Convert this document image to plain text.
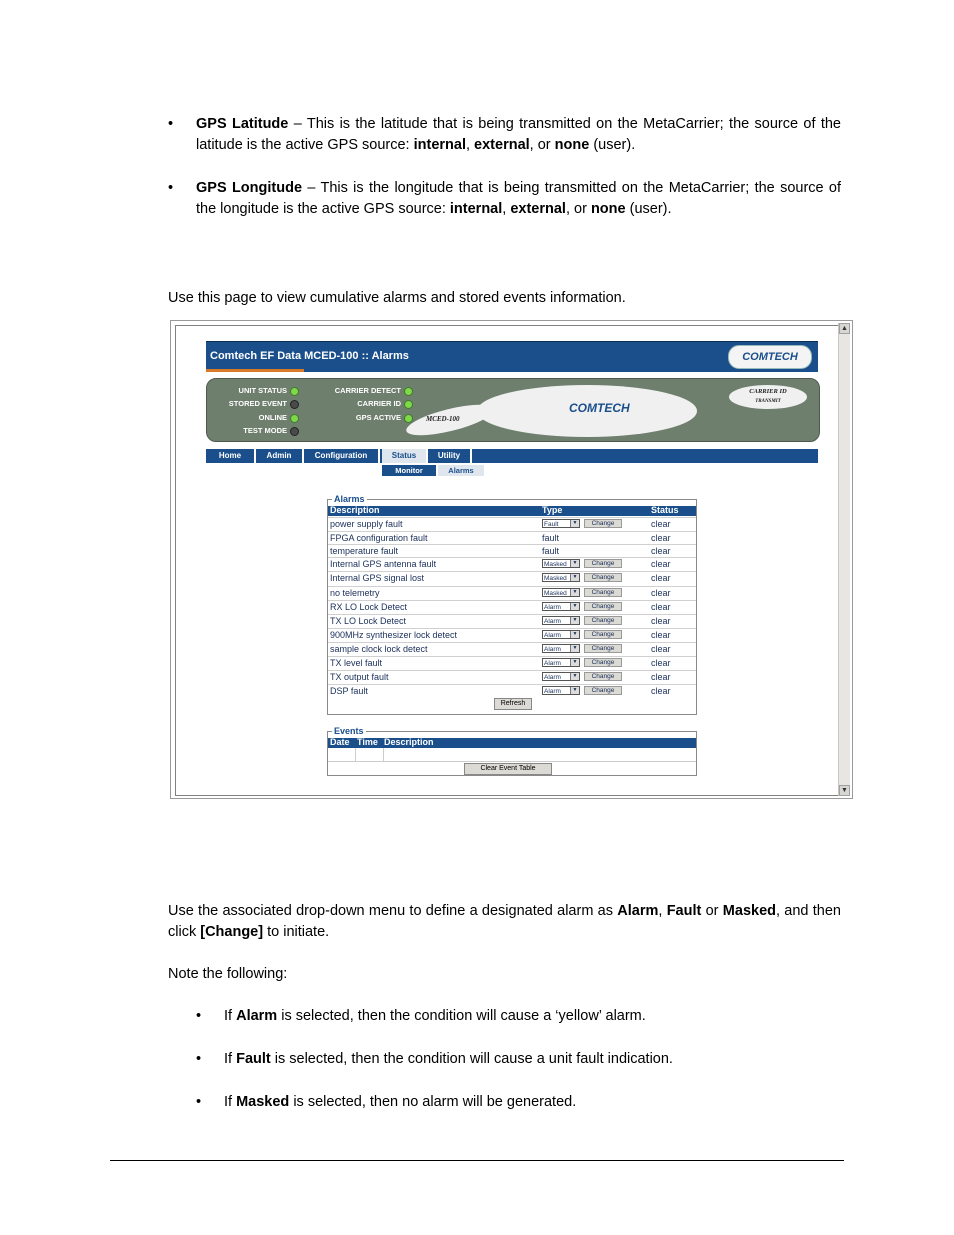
•	GPS Latitude – This is the latitude that is being transmitted on the MetaCarrier; the source of the latitude is the active GPS source: internal, external, or none (user).
•	GPS Longitude – This is the longitude that is being transmitted on the MetaCarrier; the source of the longitude is the active GPS source: internal, external, or none (user).

Use this page to view cumulative alarms and stored events information.

Comtech EF Data MCED-100 :: Alarms	COMTECH
UNIT STATUS
STORED EVENT
ONLINE
TEST MODE
CARRIER DETECT
CARRIER ID
GPS ACTIVE	MCED-100
COMTECH
CARRIER ID
TRANSMIT
Home	Admin	Configuration	Status	Utility
Monitor	Alarms
Alarms
Description	Type	Status
power supply fault	Fault	▼	Change	clear
FPGA configuration fault	fault	clear
temperature fault	fault	clear
Internal GPS antenna fault	Masked	▼	Change	clear
Internal GPS signal lost	Masked	▼	Change	clear
no telemetry	Masked	▼	Change	clear
RX LO Lock Detect	Alarm	▼	Change	clear
TX LO Lock Detect	Alarm	▼	Change	clear
900MHz synthesizer lock detect	Alarm	▼	Change	clear
sample clock lock detect	Alarm	▼	Change	clear
TX level fault	Alarm	▼	Change	clear
TX output fault	Alarm	▼	Change	clear
DSP fault	Alarm	▼	Change	clear
Refresh
Events
Date Time Description
Clear Event Table
▲
▼

Use the associated drop-down menu to define a designated alarm as Alarm, Fault or Masked, and then click [Change] to initiate.

Note the following:

• If Alarm is selected, then the condition will cause a ‘yellow’ alarm.
• If Fault is selected, then the condition will cause a unit fault indication.
• If Masked is selected, then no alarm will be generated.
